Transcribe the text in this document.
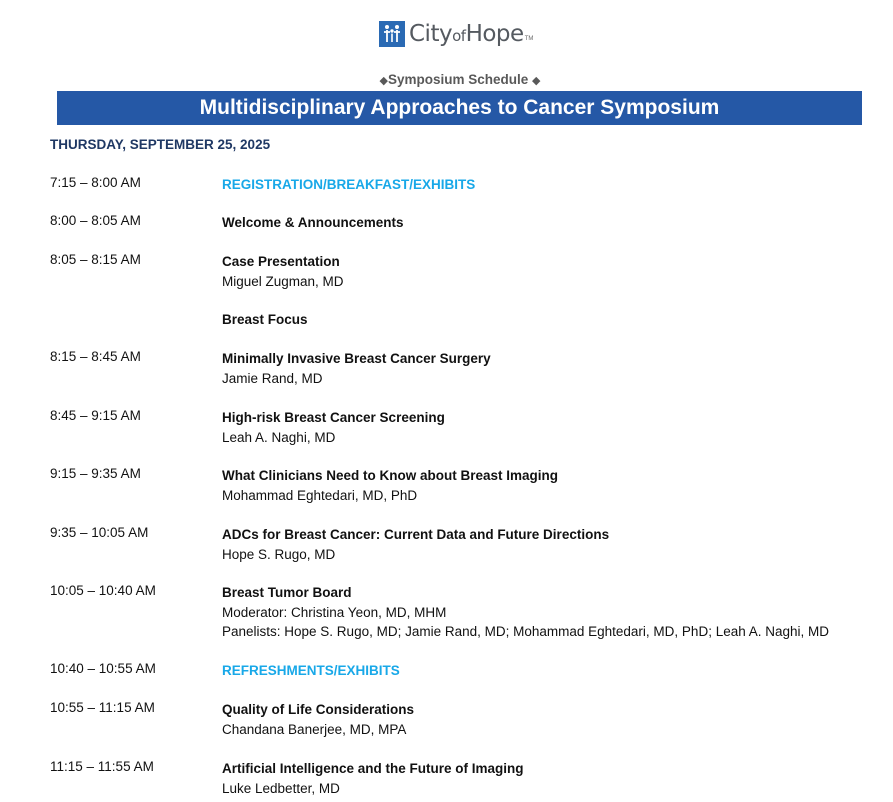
CityofHope TM
◆Symposium Schedule ◆
Multidisciplinary Approaches to Cancer Symposium
THURSDAY, SEPTEMBER 25, 2025
7:15 – 8:00 AM	REGISTRATION/BREAKFAST/EXHIBITS
8:00 – 8:05 AM	Welcome & Announcements
8:05 – 8:15 AM	Case Presentation
Miguel Zugman, MD
Breast Focus
8:15 – 8:45 AM	Minimally Invasive Breast Cancer Surgery
Jamie Rand, MD
8:45 – 9:15 AM	High-risk Breast Cancer Screening
Leah A. Naghi, MD
9:15 – 9:35 AM	What Clinicians Need to Know about Breast Imaging
Mohammad Eghtedari, MD, PhD
9:35 – 10:05 AM	ADCs for Breast Cancer: Current Data and Future Directions
Hope S. Rugo, MD
10:05 – 10:40 AM	Breast Tumor Board
Moderator: Christina Yeon, MD, MHM
Panelists: Hope S. Rugo, MD; Jamie Rand, MD; Mohammad Eghtedari, MD, PhD; Leah A. Naghi, MD
10:40 – 10:55 AM	REFRESHMENTS/EXHIBITS
10:55 – 11:15 AM	Quality of Life Considerations
Chandana Banerjee, MD, MPA
11:15 – 11:55 AM	Artificial Intelligence and the Future of Imaging
Luke Ledbetter, MD
